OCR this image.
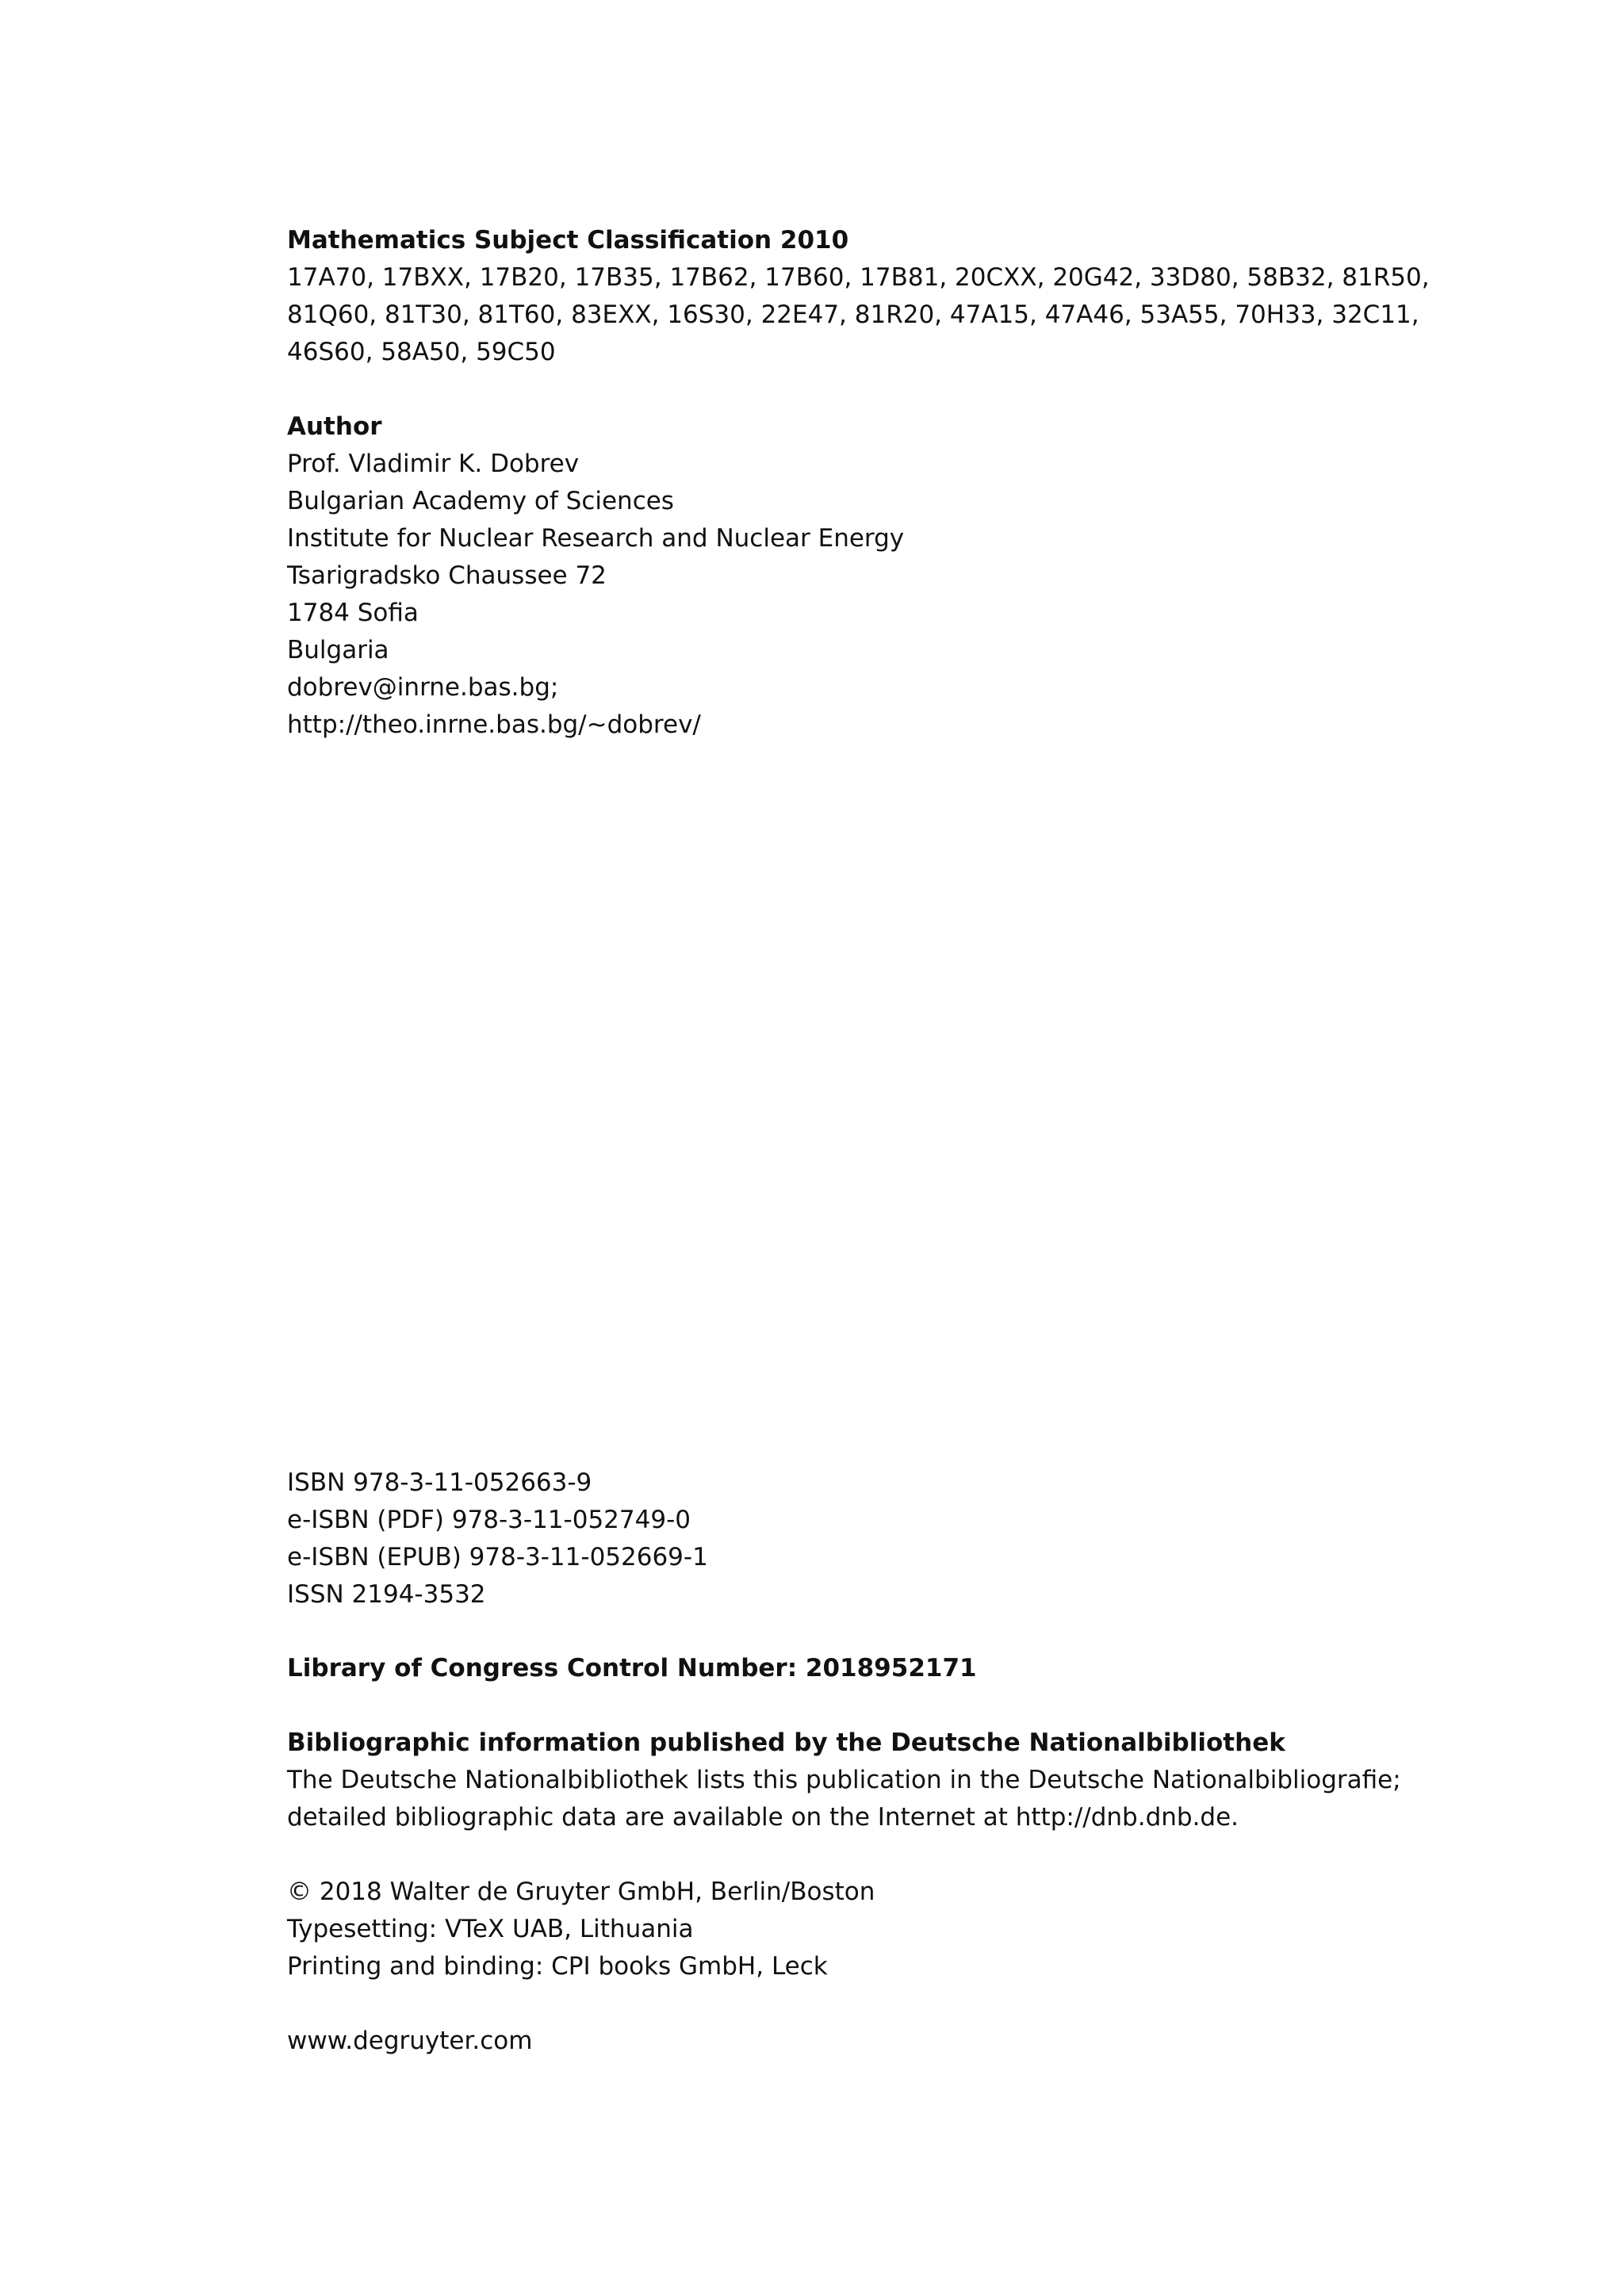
Mathematics Subject Classification 2010
17A70, 17BXX, 17B20, 17B35, 17B62, 17B60, 17B81, 20CXX, 20G42, 33D80, 58B32, 81R50, 81Q60, 81T30, 81T60, 83EXX, 16S30, 22E47, 81R20, 47A15, 47A46, 53A55, 70H33, 32C11, 46S60, 58A50, 59C50
Author
Prof. Vladimir K. Dobrev
Bulgarian Academy of Sciences
Institute for Nuclear Research and Nuclear Energy
Tsarigradsko Chaussee 72
1784 Sofia
Bulgaria
dobrev@inrne.bas.bg;
http://theo.inrne.bas.bg/~dobrev/
ISBN 978-3-11-052663-9
e-ISBN (PDF) 978-3-11-052749-0
e-ISBN (EPUB) 978-3-11-052669-1
ISSN 2194-3532
Library of Congress Control Number: 2018952171
Bibliographic information published by the Deutsche Nationalbibliothek
The Deutsche Nationalbibliothek lists this publication in the Deutsche Nationalbibliografie;
detailed bibliographic data are available on the Internet at http://dnb.dnb.de.
© 2018 Walter de Gruyter GmbH, Berlin/Boston
Typesetting: VTeX UAB, Lithuania
Printing and binding: CPI books GmbH, Leck
www.degruyter.com
